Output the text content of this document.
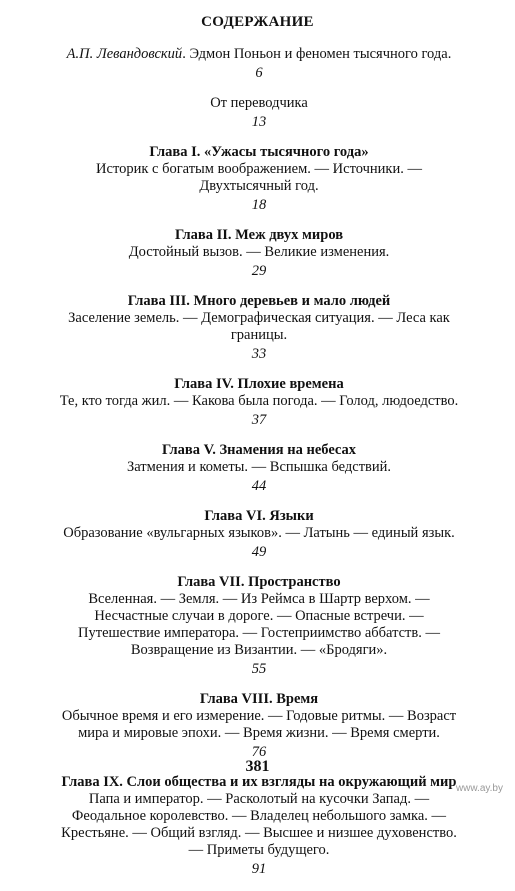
СОДЕРЖАНИЕ
А.П. Левандовский. Эдмон Поньон и феномен тысячного года.
6
От переводчика
13
Глава I. «Ужасы тысячного года»
Историк с богатым воображением. — Источники. — Двухтысячный год.
18
Глава II. Меж двух миров
Достойный вызов. — Великие изменения.
29
Глава III. Много деревьев и мало людей
Заселение земель. — Демографическая ситуация. — Леса как границы.
33
Глава IV. Плохие времена
Те, кто тогда жил. — Какова была погода. — Голод, людоедство.
37
Глава V. Знамения на небесах
Затмения и кометы. — Вспышка бедствий.
44
Глава VI. Языки
Образование «вульгарных языков». — Латынь — единый язык.
49
Глава VII. Пространство
Вселенная. — Земля. — Из Реймса в Шартр верхом. — Несчастные случаи в дороге. — Опасные встречи. — Путешествие императора. — Гостеприимство аббатств. — Возвращение из Византии. — «Бродяги».
55
Глава VIII. Время
Обычное время и его измерение. — Годовые ритмы. — Возраст мира и мировые эпохи. — Время жизни. — Время смерти.
76
Глава IX. Слои общества и их взгляды на окружающий мир
Папа и император. — Расколотый на кусочки Запад. — Феодальное королевство. — Владелец небольшого замка. — Крестьяне. — Общий взгляд. — Высшее и низшее духовенство. — Приметы будущего.
91
381
www.ay.by
